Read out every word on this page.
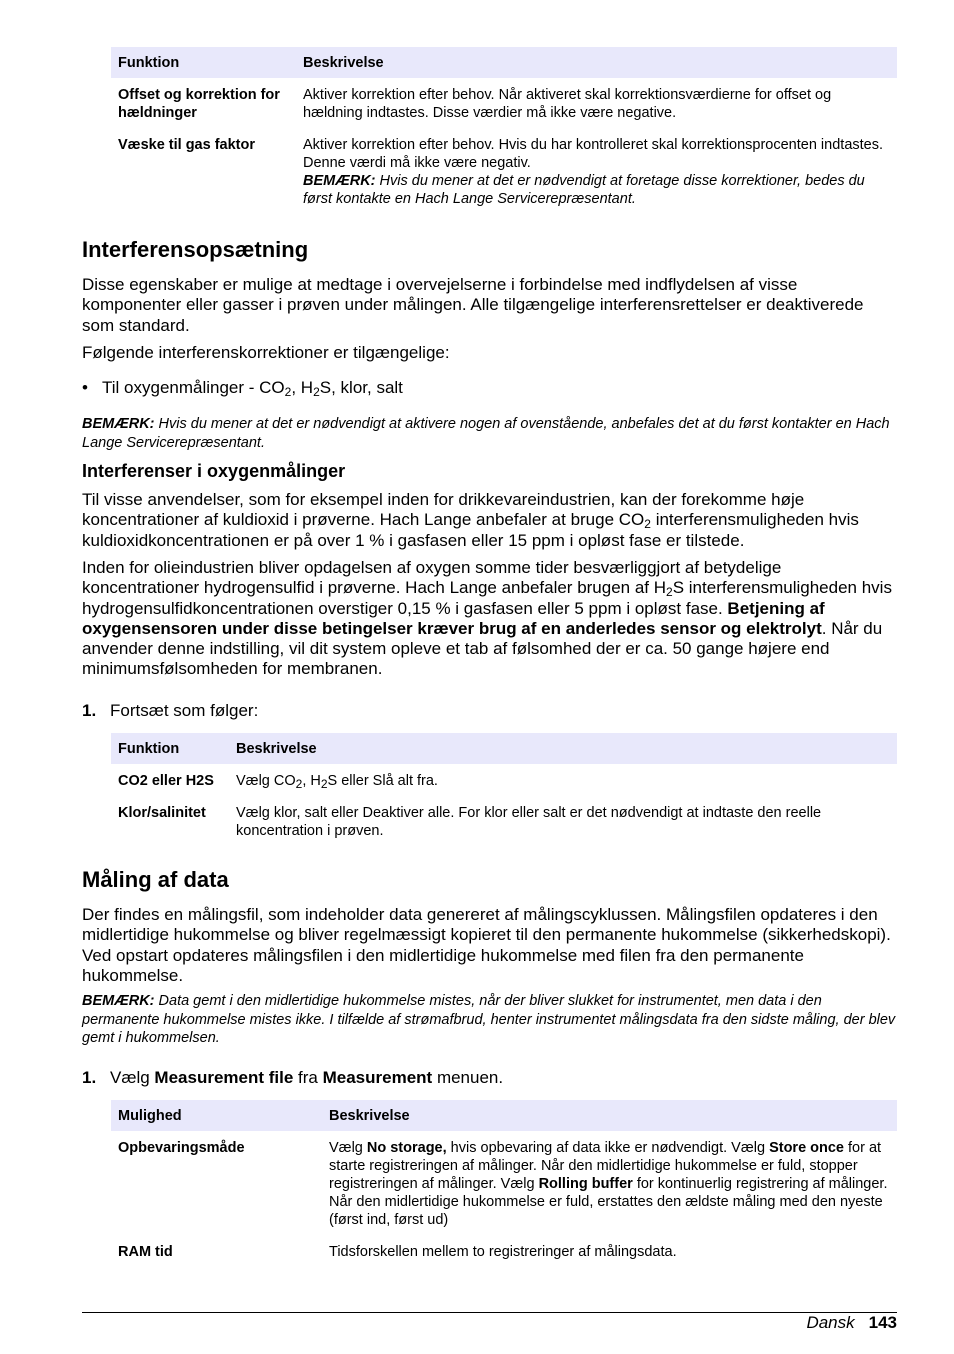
Funktion	Beskrivelse
Offset og korrektion for hældninger	Aktiver korrektion efter behov. Når aktiveret skal korrektionsværdierne for offset og hældning indtastes. Disse værdier må ikke være negative.
Væske til gas faktor	Aktiver korrektion efter behov. Hvis du har kontrolleret skal korrektionsprocenten indtastes. Denne værdi må ikke være negativ.
BEMÆRK: Hvis du mener at det er nødvendigt at foretage disse korrektioner, bedes du først kontakte en Hach Lange Servicerepræsentant.
Interferensopsætning

Disse egenskaber er mulige at medtage i overvejelserne i forbindelse med indflydelsen af visse komponenter eller gasser i prøven under målingen. Alle tilgængelige interferensrettelser er deaktiverede som standard.

Følgende interferenskorrektioner er tilgængelige:

• Til oxygenmålinger - $CO_2$, $H_2S$, klor, salt

BEMÆRK: Hvis du mener at det er nødvendigt at aktivere nogen af ovenstående, anbefales det at du først kontakter en Hach Lange Servicerepræsentant.

Interferenser i oxygenmålinger

Til visse anvendelser, som for eksempel inden for drikkevareindustrien, kan der forekomme høje koncentrationer af kuldioxid i prøverne. Hach Lange anbefaler at bruge $CO_2$ interferensmuligheden hvis kuldioxidkoncentrationen er på over 1 % i gasfasen eller 15 ppm i opløst fase er tilstede.

Inden for olieindustrien bliver opdagelsen af oxygen somme tider besværliggjort af betydelige koncentrationer hydrogensulfid i prøverne. Hach Lange anbefaler brugen af $H_2S$ interferensmuligheden hvis hydrogensulfidkoncentrationen overstiger 0,15 % i gasfasen eller 5 ppm i opløst fase. Betjening af oxygensensoren under disse betingelser kræver brug af en anderledes sensor og elektrolyt. Når du anvender denne indstilling, vil dit system opleve et tab af følsomhed der er ca. 50 gange højere end minimumsfølsomheden for membranen.

1. Fortsæt som følger:
Funktion	Beskrivelse
CO2 eller H2S	Vælg $CO_2$, $H_2S$ eller Slå alt fra.
Klor/salinitet	Vælg klor, salt eller Deaktiver alle. For klor eller salt er det nødvendigt at indtaste den reelle koncentration i prøven.
Måling af data

Der findes en målingsfil, som indeholder data genereret af målingscyklussen. Målingsfilen opdateres i den midlertidige hukommelse og bliver regelmæssigt kopieret til den permanente hukommelse (sikkerhedskopi). Ved opstart opdateres målingsfilen i den midlertidige hukommelse med filen fra den permanente hukommelse.

BEMÆRK: Data gemt i den midlertidige hukommelse mistes, når der bliver slukket for instrumentet, men data i den permanente hukommelse mistes ikke. I tilfælde af strømafbrud, henter instrumentet målingsdata fra den sidste måling, der blev gemt i hukommelsen.

1. Vælg Measurement file fra Measurement menuen.
Mulighed	Beskrivelse
Opbevaringsmåde	Vælg No storage, hvis opbevaring af data ikke er nødvendigt. Vælg Store once for at starte registreringen af målinger. Når den midlertidige hukommelse er fuld, stopper registreringen af målinger. Vælg Rolling buffer for kontinuerlig registrering af målinger. Når den midlertidige hukommelse er fuld, erstattes den ældste måling med den nyeste (først ind, først ud)
RAM tid	Tidsforskellen mellem to registreringer af målingsdata.
Dansk 143
